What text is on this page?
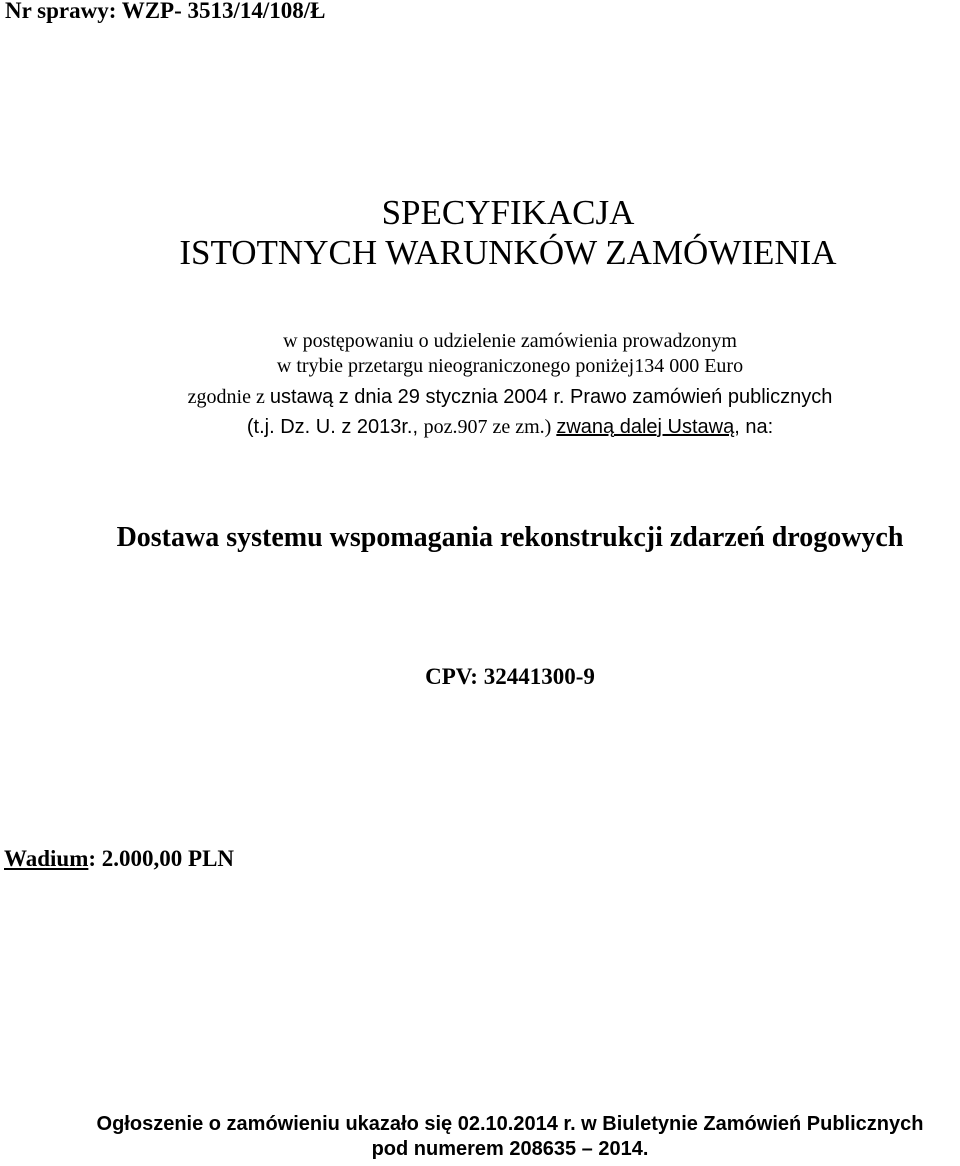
Nr sprawy: WZP- 3513/14/108/Ł
SPECYFIKACJA
ISTOTNYCH WARUNKÓW ZAMÓWIENIA
w postępowaniu o udzielenie zamówienia prowadzonym
w trybie przetargu nieograniczonego poniżej134 000 Euro
zgodnie z ustawą z dnia 29 stycznia 2004 r. Prawo zamówień publicznych
(t.j. Dz. U. z 2013r., poz.907 ze zm.) zwaną dalej Ustawą, na:
Dostawa systemu wspomagania rekonstrukcji zdarzeń drogowych
CPV: 32441300-9
Wadium: 2.000,00 PLN
Ogłoszenie o zamówieniu ukazało się 02.10.2014 r. w Biuletynie Zamówień Publicznych
pod numerem 208635 – 2014.
